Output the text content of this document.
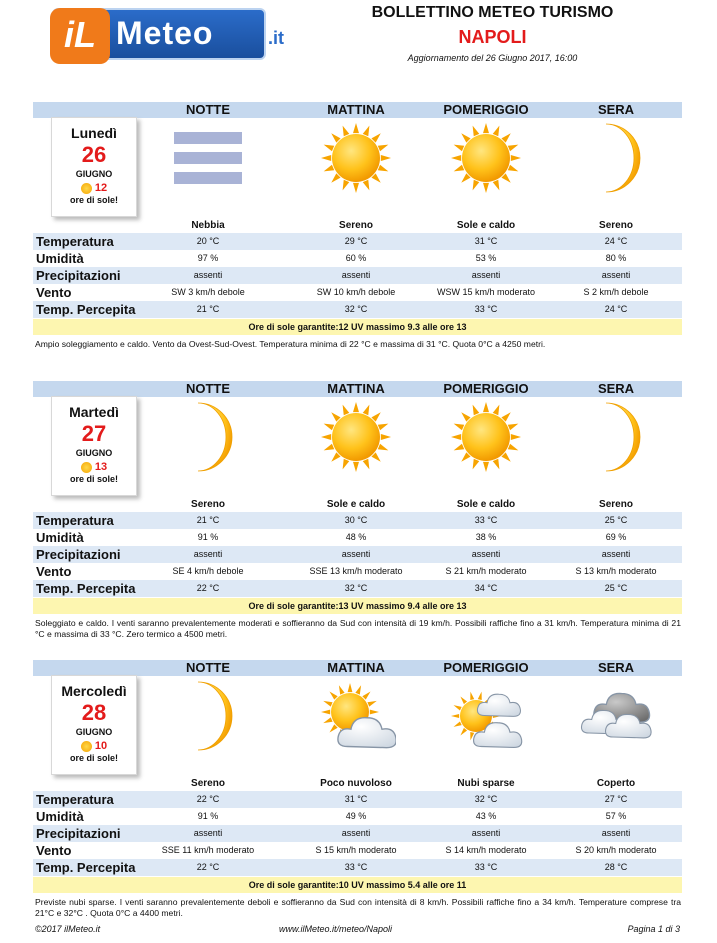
iL Meteo	.it
BOLLETTINO METEO TURISMO
NAPOLI
Aggiornamento del 26 Giugno 2017, 16:00
NOTTE	MATTINA	POMERIGGIO	SERA
Lunedì
26
GIUGNO
12
ore di sole!
Nebbia	Sereno	Sole e caldo	Sereno
Temperatura	20 °C	29 °C	31 °C	24 °C
Umidità	97 %	60 %	53 %	80 %
Precipitazioni	assenti	assenti	assenti	assenti
Vento	SW 3 km/h debole	SW 10 km/h debole	WSW 15 km/h moderato	S 2 km/h debole
Temp. Percepita	21 °C	32 °C	33 °C	24 °C
Ore di sole garantite:12 UV massimo 9.3 alle ore 13
Ampio soleggiamento e caldo. Vento da Ovest-Sud-Ovest. Temperatura minima di 22 °C e massima di 31 °C. Quota 0°C a 4250 metri.
NOTTE	MATTINA	POMERIGGIO	SERA
Martedì
27
GIUGNO
13
ore di sole!
Sereno	Sole e caldo	Sole e caldo	Sereno
Temperatura	21 °C	30 °C	33 °C	25 °C
Umidità	91 %	48 %	38 %	69 %
Precipitazioni	assenti	assenti	assenti	assenti
Vento	SE 4 km/h debole	SSE 13 km/h moderato	S 21 km/h moderato	S 13 km/h moderato
Temp. Percepita	22 °C	32 °C	34 °C	25 °C
Ore di sole garantite:13 UV massimo 9.4 alle ore 13
Soleggiato e caldo. I venti saranno prevalentemente moderati e soffieranno da Sud con intensità di 19 km/h. Possibili raffiche fino a 31 km/h. Temperatura minima di 21 °C e massima di 33 °C. Zero termico a 4500 metri.
NOTTE	MATTINA	POMERIGGIO	SERA
Mercoledì
28
GIUGNO
10
ore di sole!
Sereno	Poco nuvoloso	Nubi sparse	Coperto
Temperatura	22 °C	31 °C	32 °C	27 °C
Umidità	91 %	49 %	43 %	57 %
Precipitazioni	assenti	assenti	assenti	assenti
Vento	SSE 11 km/h moderato	S 15 km/h moderato	S 14 km/h moderato	S 20 km/h moderato
Temp. Percepita	22 °C	33 °C	33 °C	28 °C
Ore di sole garantite:10 UV massimo 5.4 alle ore 11
Previste nubi sparse. I venti saranno prevalentemente deboli e soffieranno da Sud con intensità di 8 km/h. Possibili raffiche fino a 34 km/h. Temperature comprese tra 21°C e 32°C . Quota 0°C a 4400 metri.
©2017 ilMeteo.it	www.ilMeteo.it/meteo/Napoli	Pagina 1 di 3
